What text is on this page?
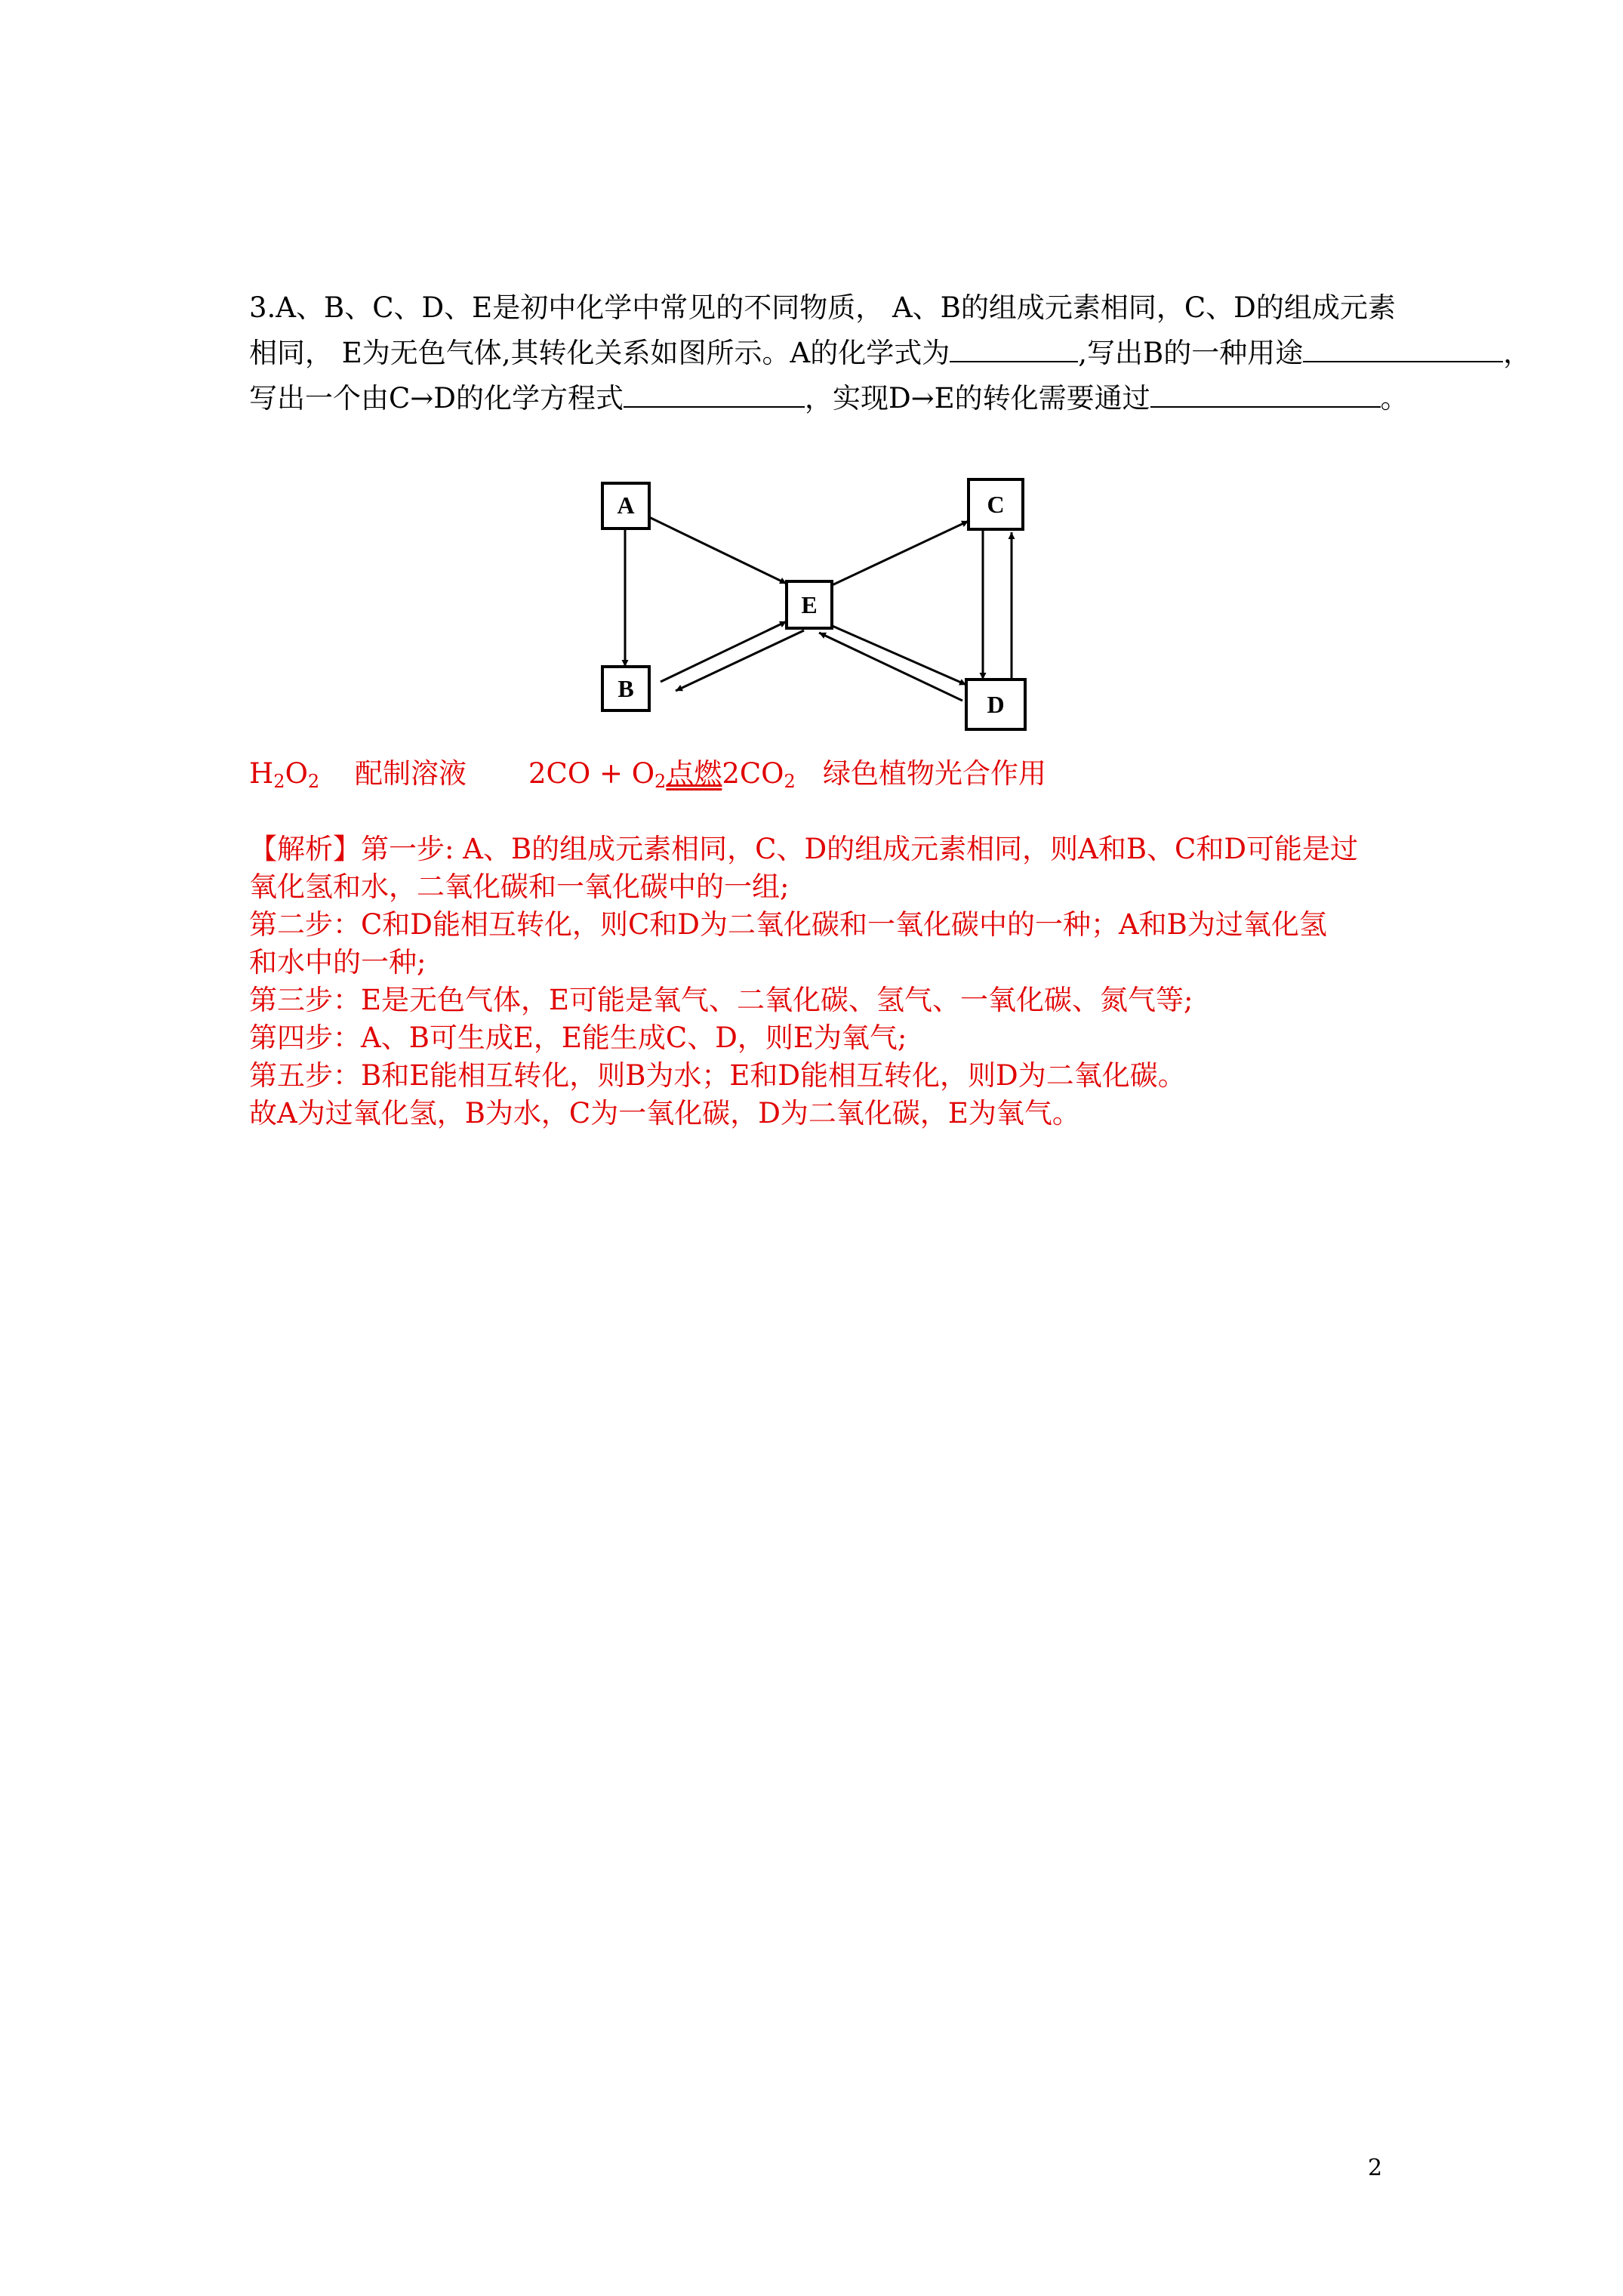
3.A、B、C、D、E是初中化学中常见的不同物质， A、B的组成元素相同，C、D的组成元素
相同， E为无色气体,其转化关系如图所示。A的化学式为	,写出B的一种用途	，
写出一个由C→D的化学方程式	，实现D→E的转化需要通过	。
A
B
C
D
E
$H_2O_2$ 配制溶液 $2CO + O_2$点燃$2CO_2$ 绿色植物光合作用

【解析】第一步: A、B的组成元素相同，C、D的组成元素相同，则A和B、C和D可能是过

氧化氢和水，二氧化碳和一氧化碳中的一组;

第二步：C和D能相互转化，则C和D为二氧化碳和一氧化碳中的一种；A和B为过氧化氢

和水中的一种;

第三步：E是无色气体，E可能是氧气、二氧化碳、氢气、一氧化碳、氮气等;

第四步：A、B可生成E，E能生成C、D，则E为氧气;

第五步：B和E能相互转化，则B为水；E和D能相互转化，则D为二氧化碳。

故A为过氧化氢，B为水，C为一氧化碳，D为二氧化碳，E为氧气。

2
